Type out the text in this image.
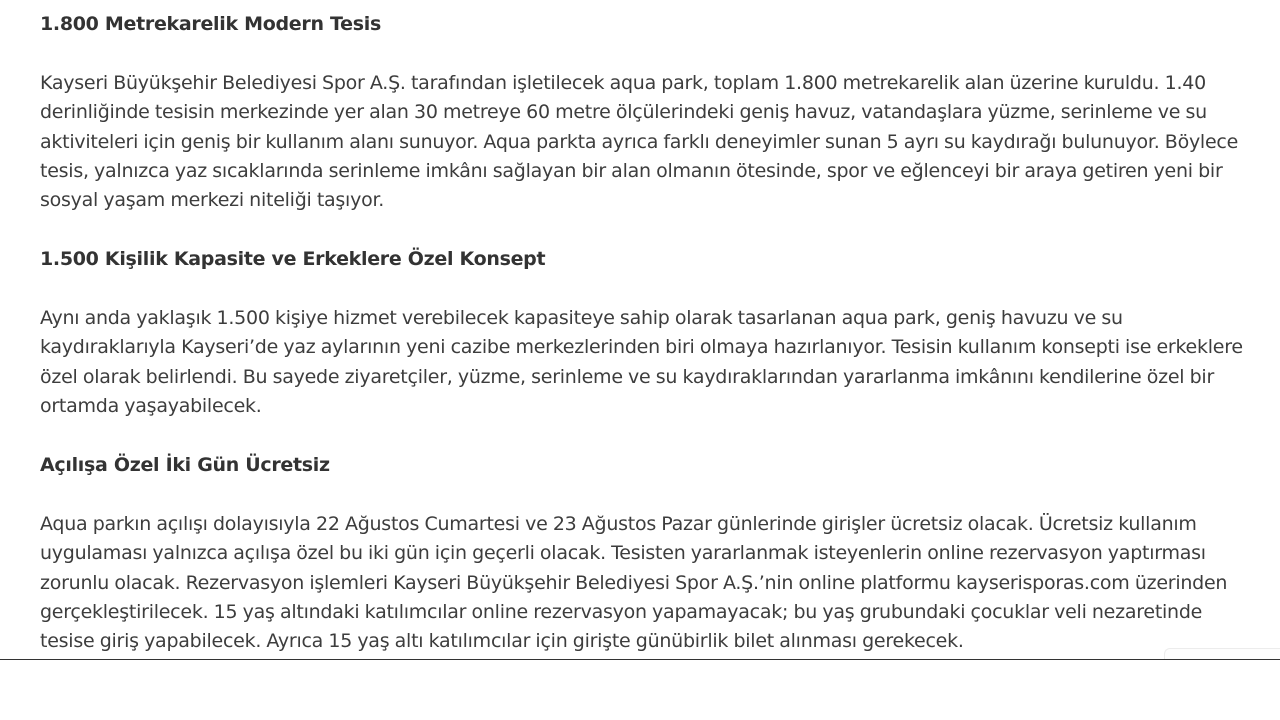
1.800 Metrekarelik Modern Tesis

Kayseri Büyükşehir Belediyesi Spor A.Ş. tarafından işletilecek aqua park, toplam 1.800 metrekarelik alan üzerine kuruldu. 1.40 derinliğinde tesisin merkezinde yer alan 30 metreye 60 metre ölçülerindeki geniş havuz, vatandaşlara yüzme, serinleme ve su aktiviteleri için geniş bir kullanım alanı sunuyor. Aqua parkta ayrıca farklı deneyimler sunan 5 ayrı su kaydırağı bulunuyor. Böylece tesis, yalnızca yaz sıcaklarında serinleme imkânı sağlayan bir alan olmanın ötesinde, spor ve eğlenceyi bir araya getiren yeni bir sosyal yaşam merkezi niteliği taşıyor.

1.500 Kişilik Kapasite ve Erkeklere Özel Konsept

Aynı anda yaklaşık 1.500 kişiye hizmet verebilecek kapasiteye sahip olarak tasarlanan aqua park, geniş havuzu ve su kaydıraklarıyla Kayseri’de yaz aylarının yeni cazibe merkezlerinden biri olmaya hazırlanıyor. Tesisin kullanım konsepti ise erkeklere özel olarak belirlendi. Bu sayede ziyaretçiler, yüzme, serinleme ve su kaydıraklarından yararlanma imkânını kendilerine özel bir ortamda yaşayabilecek.

Açılışa Özel İki Gün Ücretsiz

Aqua parkın açılışı dolayısıyla 22 Ağustos Cumartesi ve 23 Ağustos Pazar günlerinde girişler ücretsiz olacak. Ücretsiz kullanım uygulaması yalnızca açılışa özel bu iki gün için geçerli olacak. Tesisten yararlanmak isteyenlerin online rezervasyon yaptırması zorunlu olacak. Rezervasyon işlemleri Kayseri Büyükşehir Belediyesi Spor A.Ş.’nin online platformu kayserisporas.com üzerinden gerçekleştirilecek. 15 yaş altındaki katılımcılar online rezervasyon yapamayacak; bu yaş grubundaki çocuklar veli nezaretinde tesise giriş yapabilecek. Ayrıca 15 yaş altı katılımcılar için girişte günübirlik bilet alınması gerekecek.
